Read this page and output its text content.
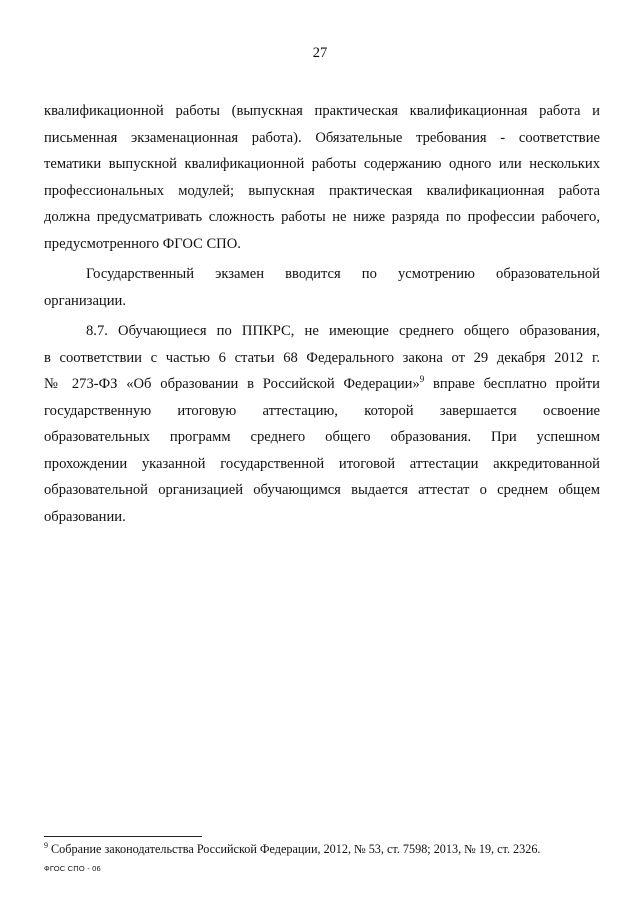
27
квалификационной работы (выпускная практическая квалификационная работа и
письменная экзаменационная работа). Обязательные требования - соответствие
тематики выпускной квалификационной работы содержанию одного или нескольких
профессиональных модулей; выпускная практическая квалификационная работа
должна предусматривать сложность работы не ниже разряда по профессии рабочего,
предусмотренного ФГОС СПО.
Государственный экзамен вводится по усмотрению образовательной
организации.
8.7. Обучающиеся по ППКРС, не имеющие среднего общего образования,
в соответствии с частью 6 статьи 68 Федерального закона от 29 декабря 2012 г.
№ 273-ФЗ «Об образовании в Российской Федерации»$^9$ вправе бесплатно пройти
государственную итоговую аттестацию, которой завершается освоение
образовательных программ среднего общего образования. При успешном
прохождении указанной государственной итоговой аттестации аккредитованной
образовательной организацией обучающимся выдается аттестат о среднем общем
образовании.
$^9$ Собрание законодательства Российской Федерации, 2012, № 53, ст. 7598; 2013, № 19, ст. 2326.
ФГОС СПО - 06
